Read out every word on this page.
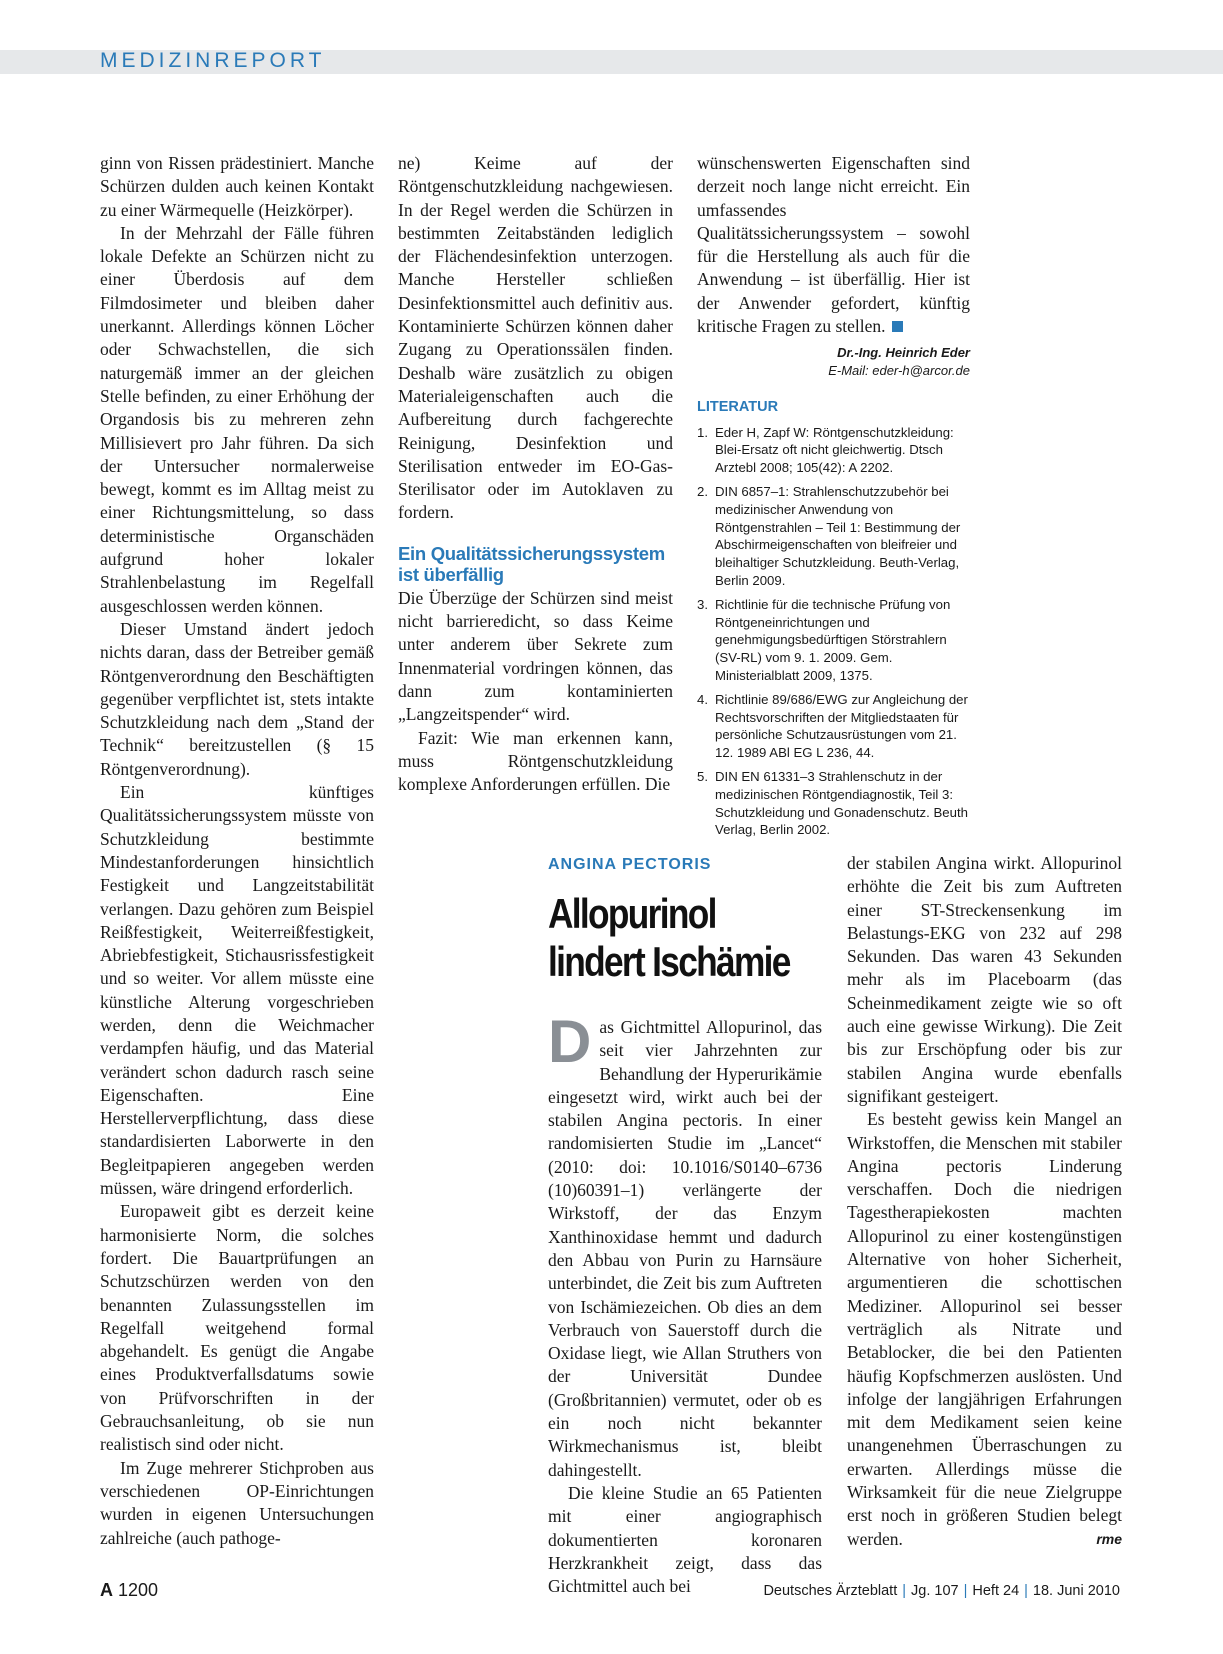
MEDIZINREPORT

ginn von Rissen prädestiniert. Manche Schürzen dulden auch keinen Kontakt zu einer Wärmequelle (Heizkörper).

In der Mehrzahl der Fälle führen lokale Defekte an Schürzen nicht zu einer Überdosis auf dem Filmdosimeter und bleiben daher unerkannt. Allerdings können Löcher oder Schwachstellen, die sich naturgemäß immer an der gleichen Stelle befinden, zu einer Erhöhung der Organdosis bis zu mehreren zehn Millisievert pro Jahr führen. Da sich der Untersucher normalerweise bewegt, kommt es im Alltag meist zu einer Richtungsmittelung, so dass deterministische Organschäden aufgrund hoher lokaler Strahlenbelastung im Regelfall ausgeschlossen werden können.

Dieser Umstand ändert jedoch nichts daran, dass der Betreiber gemäß Röntgenverordnung den Beschäftigten gegenüber verpflichtet ist, stets intakte Schutzkleidung nach dem „Stand der Technik“ bereitzustellen (§ 15 Röntgenverordnung).

Ein künftiges Qualitätssicherungssystem müsste von Schutzkleidung bestimmte Mindestanforderungen hinsichtlich Festigkeit und Langzeitstabilität verlangen. Dazu gehören zum Beispiel Reißfestigkeit, Weiterreißfestigkeit, Abriebfestigkeit, Stichausrissfestigkeit und so weiter. Vor allem müsste eine künstliche Alterung vorgeschrieben werden, denn die Weichmacher verdampfen häufig, und das Material verändert schon dadurch rasch seine Eigenschaften. Eine Herstellerverpflichtung, dass diese standardisierten Laborwerte in den Begleitpapieren angegeben werden müssen, wäre dringend erforderlich.

Europaweit gibt es derzeit keine harmonisierte Norm, die solches fordert. Die Bauartprüfungen an Schutzschürzen werden von den benannten Zulassungsstellen im Regelfall weitgehend formal abgehandelt. Es genügt die Angabe eines Produktverfallsdatums sowie von Prüfvorschriften in der Gebrauchsanleitung, ob sie nun realistisch sind oder nicht.

Im Zuge mehrerer Stichproben aus verschiedenen OP-Einrichtungen wurden in eigenen Untersuchungen zahlreiche (auch pathoge-

ne) Keime auf der Röntgenschutzkleidung nachgewiesen. In der Regel werden die Schürzen in bestimmten Zeitabständen lediglich der Flächendesinfektion unterzogen. Manche Hersteller schließen Desinfektionsmittel auch definitiv aus. Kontaminierte Schürzen können daher Zugang zu Operationssälen finden. Deshalb wäre zusätzlich zu obigen Materialeigenschaften auch die Aufbereitung durch fachgerechte Reinigung, Desinfektion und Sterilisation entweder im EO-Gas-Sterilisator oder im Autoklaven zu fordern.

Ein Qualitätssicherungssystem ist überfällig

Die Überzüge der Schürzen sind meist nicht barrieredicht, so dass Keime unter anderem über Sekrete zum Innenmaterial vordringen können, das dann zum kontaminierten „Langzeitspender“ wird.

Fazit: Wie man erkennen kann, muss Röntgenschutzkleidung komplexe Anforderungen erfüllen. Die

wünschenswerten Eigenschaften sind derzeit noch lange nicht erreicht. Ein umfassendes Qualitätssicherungssystem – sowohl für die Herstellung als auch für die Anwendung – ist überfällig. Hier ist der Anwender gefordert, künftig kritische Fragen zu stellen.

Dr.-Ing. Heinrich Eder
E-Mail: eder-h@arcor.de
LITERATUR
1. Eder H, Zapf W: Röntgenschutzkleidung: Blei-Ersatz oft nicht gleichwertig. Dtsch Arztebl 2008; 105(42): A 2202.
2. DIN 6857–1: Strahlenschutzzubehör bei medizinischer Anwendung von Röntgenstrahlen – Teil 1: Bestimmung der Abschirmeigenschaften von bleifreier und bleihaltiger Schutzkleidung. Beuth-Verlag, Berlin 2009.
3. Richtlinie für die technische Prüfung von Röntgeneinrichtungen und genehmigungsbedürftigen Störstrahlern (SV-RL) vom 9. 1. 2009. Gem. Ministerialblatt 2009, 1375.
4. Richtlinie 89/686/EWG zur Angleichung der Rechtsvorschriften der Mitgliedstaaten für persönliche Schutzausrüstungen vom 21. 12. 1989 ABl EG L 236, 44.
5. DIN EN 61331–3 Strahlenschutz in der medizinischen Röntgendiagnostik, Teil 3: Schutzkleidung und Gonadenschutz. Beuth Verlag, Berlin 2002.
ANGINA PECTORIS
Allopurinol lindert Ischämie

Das Gichtmittel Allopurinol, das seit vier Jahrzehnten zur Behandlung der Hyperurikämie eingesetzt wird, wirkt auch bei der stabilen Angina pectoris. In einer randomisierten Studie im „Lancet“ (2010: doi: 10.1016/S0140–6736 (10)60391–1) verlängerte der Wirkstoff, der das Enzym Xanthinoxidase hemmt und dadurch den Abbau von Purin zu Harnsäure unterbindet, die Zeit bis zum Auftreten von Ischämiezeichen. Ob dies an dem Verbrauch von Sauerstoff durch die Oxidase liegt, wie Allan Struthers von der Universität Dundee (Großbritannien) vermutet, oder ob es ein noch nicht bekannter Wirkmechanismus ist, bleibt dahingestellt.

Die kleine Studie an 65 Patienten mit einer angiographisch dokumentierten koronaren Herzkrankheit zeigt, dass das Gichtmittel auch bei

der stabilen Angina wirkt. Allopurinol erhöhte die Zeit bis zum Auftreten einer ST-Streckensenkung im Belastungs-EKG von 232 auf 298 Sekunden. Das waren 43 Sekunden mehr als im Placeboarm (das Scheinmedikament zeigte wie so oft auch eine gewisse Wirkung). Die Zeit bis zur Erschöpfung oder bis zur stabilen Angina wurde ebenfalls signifikant gesteigert.

Es besteht gewiss kein Mangel an Wirkstoffen, die Menschen mit stabiler Angina pectoris Linderung verschaffen. Doch die niedrigen Tagestherapiekosten machten Allopurinol zu einer kostengünstigen Alternative von hoher Sicherheit, argumentieren die schottischen Mediziner. Allopurinol sei besser verträglich als Nitrate und Betablocker, die bei den Patienten häufig Kopfschmerzen auslösten. Und infolge der langjährigen Erfahrungen mit dem Medikament seien keine unangenehmen Überraschungen zu erwarten. Allerdings müsse die Wirksamkeit für die neue Zielgruppe erst noch in größeren Studien belegt werden.	rme

A 1200	Deutsches Ärzteblatt | Jg. 107 | Heft 24 | 18. Juni 2010
